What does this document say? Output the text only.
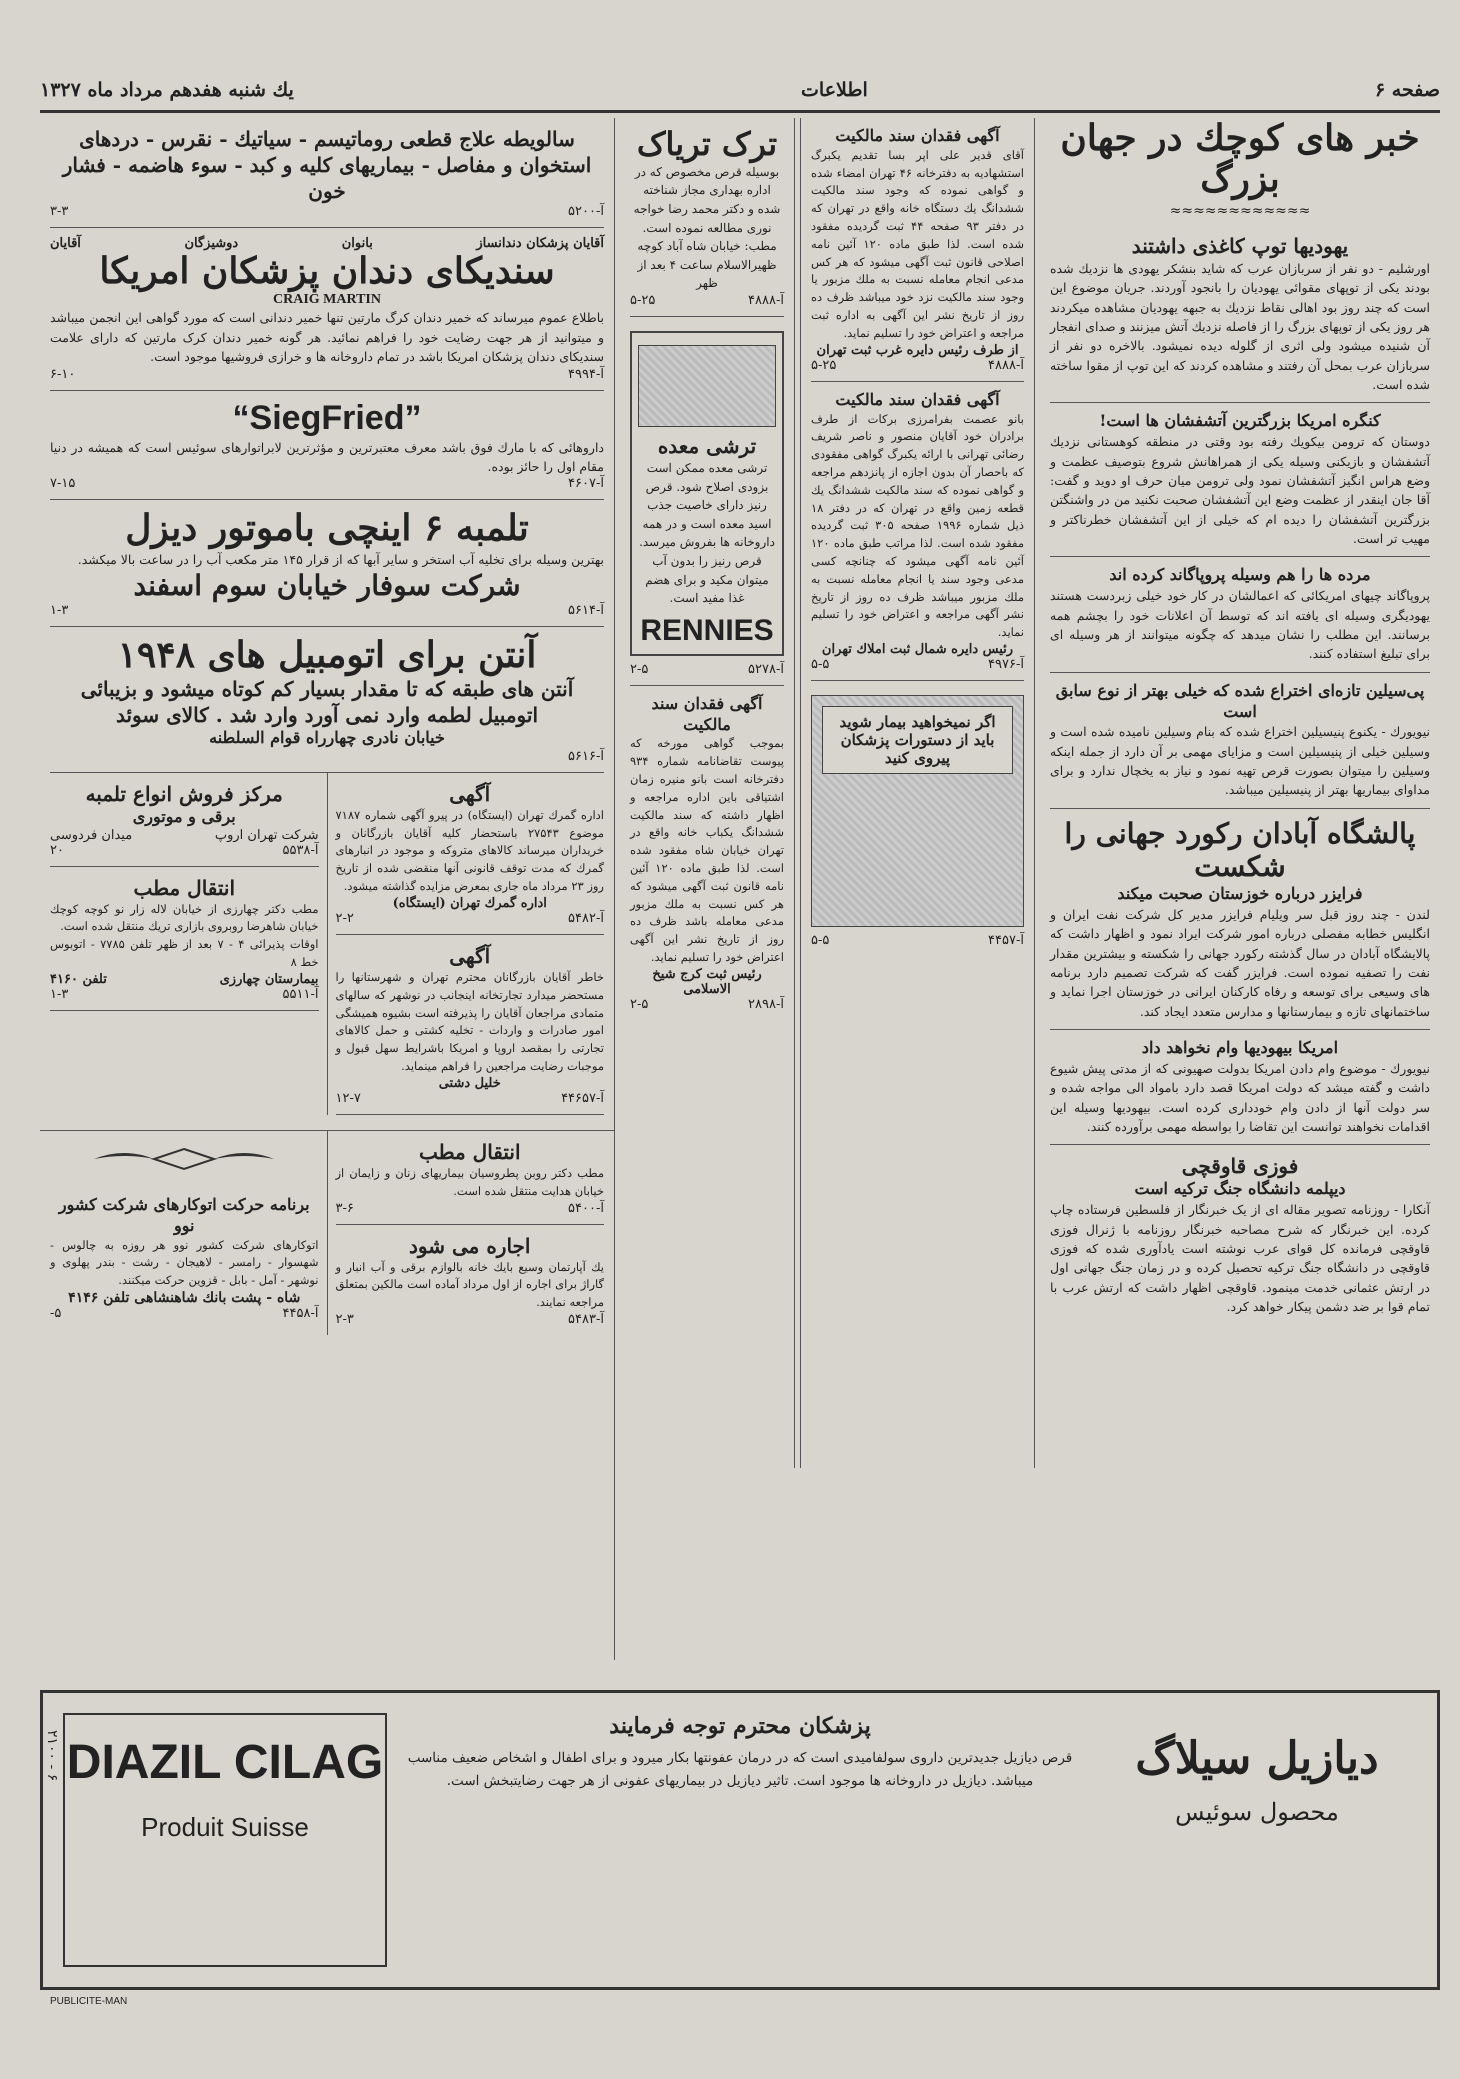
صفحه ۶
اطلاعات
یك شنبه هفدهم مرداد ماه ۱۳۲۷
خبر های کوچك در جهان بزرگ
≈≈≈≈≈≈≈≈≈≈≈≈
یهودیها توپ کاغذی داشتند
اورشلیم - دو نفر از سربازان عرب که شاید بنشکر یهودی ها نزدیك شده بودند یکی از توپهای مقوائی یهودیان را بانجود آوردند. جریان موضوع این است که چند روز بود اهالی نقاط نزدیك به جبهه یهودیان مشاهده میکردند هر روز یکی از توپهای بزرگ را از فاصله نزدیك آتش میزنند و صدای انفجار آن شنیده میشود ولی اثری از گلوله دیده نمیشود. بالاخره دو نفر از سربازان عرب بمحل آن رفتند و مشاهده کردند که این توپ از مقوا ساخته شده است.
کنگره امریکا بزرگترین آتشفشان ها است!
دوستان که ترومن بیکویك رفته بود وقتی در منطقه کوهستانی نزدیك آتشفشان و بازیکنی وسیله یکی از همراهانش شروع بتوصیف عظمت و وضع هراس انگیز آتشفشان نمود ولی ترومن میان حرف او دوید و گفت: آقا جان اینقدر از عظمت وضع این آتشفشان صحبت نکنید من در واشنگتن بزرگترین آتشفشان را دیده ام که خیلی از این آتشفشان خطرناکتر و مهیب تر است.
مرده ها را هم وسیله پروپاگاند کرده اند
پروپاگاند چیهای امریکائی که اعمالشان در کار خود خیلی زبردست هستند یهودیگری وسیله ای یافته اند که توسط آن اعلانات خود را بچشم همه برسانند. این مطلب را نشان میدهد که چگونه میتوانند از هر وسیله ای برای تبلیغ استفاده کنند.
پی‌سیلین تازه‌ای اختراع شده که خیلی بهتر از نوع سابق است
نیویورك - یکنوع پنیسیلین اختراع شده که بنام وسیلین نامیده شده است و وسیلین خیلی از پنیسیلین است و مزایای مهمی بر آن دارد از جمله اینکه وسیلین را میتوان بصورت قرص تهیه نمود و نیاز به یخچال ندارد و برای مداوای بیماریها بهتر از پنیسیلین میباشد.
پالشگاه آبادان رکورد جهانی را شکست
فرایزر درباره خوزستان صحبت میکند
لندن - چند روز قبل سر ویلیام فرایزر مدیر کل شرکت نفت ایران و انگلیس خطابه مفصلی درباره امور شرکت ایراد نمود و اظهار داشت که پالایشگاه آبادان در سال گذشته رکورد جهانی را شکسته و بیشترین مقدار نفت را تصفیه نموده است. فرایزر گفت که شرکت تصمیم دارد برنامه های وسیعی برای توسعه و رفاه کارکنان ایرانی در خوزستان اجرا نماید و ساختمانهای تازه و بیمارستانها و مدارس متعدد ایجاد کند.
امریکا بیهودیها وام نخواهد داد
نیویورك - موضوع وام دادن امریکا بدولت صهیونی که از مدتی پیش شیوع داشت و گفته میشد که دولت امریکا قصد دارد بامواد الی مواجه شده و سر دولت آنها از دادن وام خودداری کرده است. بیهودیها وسیله این اقدامات نخواهند توانست این تقاضا را بواسطه مهمی برآورده کنند.
فوزی قاوقچی
دیپلمه دانشگاه جنگ ترکیه است
آنکارا - روزنامه تصویر مقاله ای از یک خبرنگار از فلسطین فرستاده چاپ کرده. این خبرنگار که شرح مصاحبه خبرنگار روزنامه با ژنرال فوزی قاوقچی فرمانده کل قوای عرب نوشته است یادآوری شده که فوزی قاوقچی در دانشگاه جنگ ترکیه تحصیل کرده و در زمان جنگ جهانی اول در ارتش عثمانی خدمت مینمود. قاوقچی اظهار داشت که ارتش عرب با تمام قوا بر ضد دشمن پیکار خواهد کرد.
آگهی فقدان سند مالکیت
آقای قدیر علی اپر بسا تقدیم یکبرگ استشهادیه به دفترخانه ۴۶ تهران امضاء شده و گواهی نموده که وجود سند مالکیت ششدانگ یك دستگاه خانه واقع در تهران که در دفتر ۹۳ صفحه ۴۴ ثبت گردیده مفقود شده است. لذا طبق ماده ۱۲۰ آئین نامه اصلاحی قانون ثبت آگهی میشود که هر کس مدعی انجام معامله نسبت به ملك مزبور یا وجود سند مالکیت نزد خود میباشد ظرف ده روز از تاریخ نشر این آگهی به اداره ثبت مراجعه و اعتراض خود را تسلیم نماید.
از طرف رئیس دایره غرب ثبت تهران
آ-۴۸۸۸
۵-۲۵
آگهی فقدان سند مالکیت
بانو عصمت بفرامرزی برکات از طرف برادران خود آقایان منصور و ناصر شریف رضائی تهرانی با ارائه یکبرگ گواهی مفقودی که باحصار آن بدون اجازه از پانزدهم مراجعه و گواهی نموده که سند مالکیت ششدانگ یك قطعه زمین واقع در تهران که در دفتر ۱۸ ذیل شماره ۱۹۹۶ صفحه ۳۰۵ ثبت گردیده مفقود شده است. لذا مراتب طبق ماده ۱۲۰ آئین نامه آگهی میشود که چنانچه کسی مدعی وجود سند یا انجام معامله نسبت به ملك مزبور میباشد ظرف ده روز از تاریخ نشر آگهی مراجعه و اعتراض خود را تسلیم نماید.
رئیس دایره شمال ثبت املاك تهران
آ-۴۹۷۶
۵-۵
اگر نمیخواهید بیمار شوید باید از دستورات پزشکان پیروی کنید
آ-۴۴۵۷
۵-۵
ترک تریاک
بوسیله قرص مخصوص که در اداره بهداری مجاز شناخته شده و دکتر محمد رضا خواجه نوری مطالعه نموده است. مطب: خیابان شاه آباد کوچه ظهیرالاسلام ساعت ۴ بعد از ظهر
آ-۴۸۸۸
۵-۲۵
ترشی معده
ترشی معده ممکن است بزودی اصلاح شود. قرص رنیز دارای خاصیت جذب اسید معده است و در همه داروخانه ها بفروش میرسد. قرص رنیز را بدون آب میتوان مکید و برای هضم غذا مفید است.
RENNIES
آ-۵۲۷۸
۲-۵
آگهی فقدان سند مالکیت
بموجب گواهی مورخه که پیوست تقاضانامه شماره ۹۳۴ دفترخانه است بانو منیره زمان اشتیاقی باین اداره مراجعه و اظهار داشته که سند مالکیت ششدانگ یکباب خانه واقع در تهران خیابان شاه مفقود شده است. لذا طبق ماده ۱۲۰ آئین نامه قانون ثبت آگهی میشود که هر کس نسبت به ملك مزبور مدعی معامله باشد ظرف ده روز از تاریخ نشر این آگهی اعتراض خود را تسلیم نماید.
رئیس ثبت کرج شیخ الاسلامی
آ-۲۸۹۸
۲-۵
سالویطه علاج قطعی روماتیسم - سیاتیك - نقرس - دردهای استخوان و مفاصل - بیماریهای کلیه و کبد - سوء هاضمه - فشار خون
آ-۵۲۰۰
۳-۳
آقایان پزشکان دندانساز
بانوان
دوشیزگان
آقایان
سندیکای دندان پزشکان امریکا
CRAIG MARTIN
باطلاع عموم میرساند که خمیر دندان کرگ مارتین تنها خمیر دندانی است که مورد گواهی این انجمن میباشد و میتوانید از هر جهت رضایت خود را فراهم نمائید. هر گونه خمیر دندان کرک مارتین که دارای علامت سندیکای دندان پزشکان امریکا باشد در تمام داروخانه ها و خرازی فروشیها موجود است.
آ-۴۹۹۴
۶-۱۰
“SiegFried”
داروهائی که با مارك فوق باشد معرف معتبرترین و مؤثرترین لابراتوارهای سوئیس است که همیشه در دنیا مقام اول را حائز بوده.
آ-۴۶۰۷
۷-۱۵
تلمبه ۶ اینچی باموتور دیزل
بهترین وسیله برای تخلیه آب استخر و سایر آبها که از قرار ۱۴۵ متر مکعب آب را در ساعت بالا میکشد.
شرکت سوفار خیابان سوم اسفند
آ-۵۶۱۴
۱-۳
آنتن برای اتومبیل های ۱۹۴۸
آنتن های طبقه که تا مقدار بسیار کم کوتاه میشود و بزیبائی
اتومبیل لطمه وارد نمی آورد وارد شد . کالای سوئد
خیابان نادری چهارراه قوام السلطنه
آ-۵۶۱۶
آگهی
اداره گمرك تهران (ایستگاه) در پیرو آگهی شماره ۷۱۸۷ موضوع ۲۷۵۴۳ باستحضار کلیه آقایان بازرگانان و خریداران میرساند کالاهای متروکه و موجود در انبارهای گمرك که مدت توقف قانونی آنها منقضی شده از تاریخ روز ۲۳ مرداد ماه جاری بمعرض مزایده گذاشته میشود.
اداره گمرك تهران (ایستگاه)
آ-۵۴۸۲
۲-۲
آگهی
خاطر آقایان بازرگانان محترم تهران و شهرستانها را مستحضر میدارد تجارتخانه اینجانب در نوشهر که سالهای متمادی مراجعان آقایان را پذیرفته است بشیوه همیشگی امور صادرات و واردات - تخلیه کشتی و حمل کالاهای تجارتی را بمقصد اروپا و امریکا باشرایط سهل قبول و موجبات رضایت مراجعین را فراهم مینماید.
خلیل دشتی
آ-۴۴۶۵۷
۱۲-۷
مرکز فروش انواع تلمبه
برقی و موتوری
شرکت تهران اروپ
میدان فردوسی
آ-۵۵۳۸
۲۰
انتقال مطب
مطب دکتر چهارزی از خیابان لاله زار نو کوچه کوچك خیابان شاهرضا روبروی بازاری تریك منتقل شده است.
اوقات پذیرائی ۴ - ۷ بعد از ظهر تلفن ۷۷۸۵ - اتوبوس خط ۸
بیمارستان چهارزی
تلفن ۴۱۶۰
آ-۵۵۱۱
۱-۳
انتقال مطب
مطب دکتر روبن پطروسیان بیماریهای زنان و زایمان از خیابان هدایت منتقل شده است.
آ-۵۴۰۰
۳-۶
اجاره می شود
یك آپارتمان وسیع بایك خانه بالوازم برقی و آب انبار و گاراژ برای اجاره از اول مرداد آماده است مالکین بمتعلق مراجعه نمایند.
آ-۵۴۸۳
۲-۳
برنامه حرکت اتوکارهای شرکت کشور نوو
اتوکارهای شرکت کشور نوو هر روزه به چالوس - شهسوار - رامسر - لاهیجان - رشت - بندر پهلوی و نوشهر - آمل - بابل - قزوین حرکت میکنند.
شاه - پشت بانك شاهنشاهی تلفن ۴۱۴۶
آ-۴۴۵۸
۵-
دیازیل سیلاگ
محصول سوئیس
پزشکان محترم توجه فرمایند
قرص دیازیل جدیدترین داروی سولفامیدی است که در درمان عفونتها بکار میرود و برای اطفال و اشخاص ضعیف مناسب میباشد. دیازیل در داروخانه ها موجود است. تاثیر دیازیل در بیماریهای عفونی از هر جهت رضایتبخش است.
DIAZIL CILAG
Produit Suisse
۲۱۰۰ - ۶
PUBLICITE-MAN
